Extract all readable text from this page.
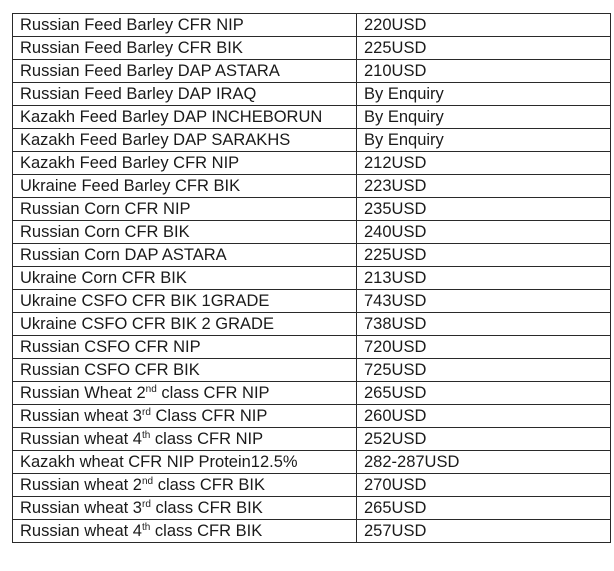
Russian Feed Barley CFR NIP	220USD
Russian Feed Barley CFR BIK	225USD
Russian Feed Barley DAP ASTARA	210USD
Russian Feed Barley DAP IRAQ	By Enquiry
Kazakh Feed Barley DAP INCHEBORUN	By Enquiry
Kazakh Feed Barley DAP SARAKHS	By Enquiry
Kazakh Feed Barley CFR NIP	212USD
Ukraine Feed Barley CFR BIK	223USD
Russian Corn CFR NIP	235USD
Russian Corn CFR BIK	240USD
Russian Corn DAP ASTARA	225USD
Ukraine Corn CFR BIK	213USD
Ukraine CSFO CFR BIK 1GRADE	743USD
Ukraine CSFO CFR BIK 2 GRADE	738USD
Russian CSFO CFR NIP	720USD
Russian CSFO CFR BIK	725USD
Russian Wheat 2nd class CFR NIP	265USD
Russian wheat 3rd Class CFR NIP	260USD
Russian wheat 4th class CFR NIP	252USD
Kazakh wheat CFR NIP Protein12.5%	282-287USD
Russian wheat 2nd class CFR BIK	270USD
Russian wheat 3rd class CFR BIK	265USD
Russian wheat 4th class CFR BIK	257USD
